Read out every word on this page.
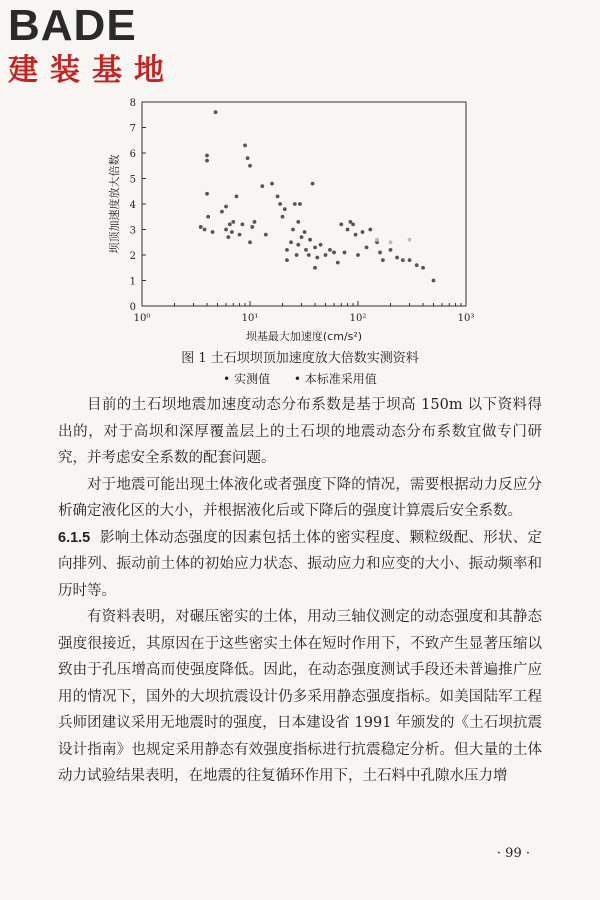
BADE
建装基地
0
1
2
3
4
5
6
7
8
10⁰	10¹	10²	10³
坝基最大加速度(cm/s²)
坝顶加速度放大倍数
图 1 土石坝坝顶加速度放大倍数实测资料
• 实测值 • 本标准采用值

目前的土石坝地震加速度动态分布系数是基于坝高 150m 以下资料得出的，对于高坝和深厚覆盖层上的土石坝的地震动态分布系数宜做专门研究，并考虑安全系数的配套问题。

对于地震可能出现土体液化或者强度下降的情况，需要根据动力反应分析确定液化区的大小，并根据液化后或下降后的强度计算震后安全系数。

6.1.5 影响土体动态强度的因素包括土体的密实程度、颗粒级配、形状、定向排列、振动前土体的初始应力状态、振动应力和应变的大小、振动频率和历时等。

有资料表明，对碾压密实的土体，用动三轴仪测定的动态强度和其静态强度很接近，其原因在于这些密实土体在短时作用下，不致产生显著压缩以致由于孔压增高而使强度降低。因此，在动态强度测试手段还未普遍推广应用的情况下，国外的大坝抗震设计仍多采用静态强度指标。如美国陆军工程兵师团建议采用无地震时的强度，日本建设省 1991 年颁发的《土石坝抗震设计指南》也规定采用静态有效强度指标进行抗震稳定分析。但大量的土体动力试验结果表明，在地震的往复循环作用下，土石料中孔隙水压力增

· 99 ·
